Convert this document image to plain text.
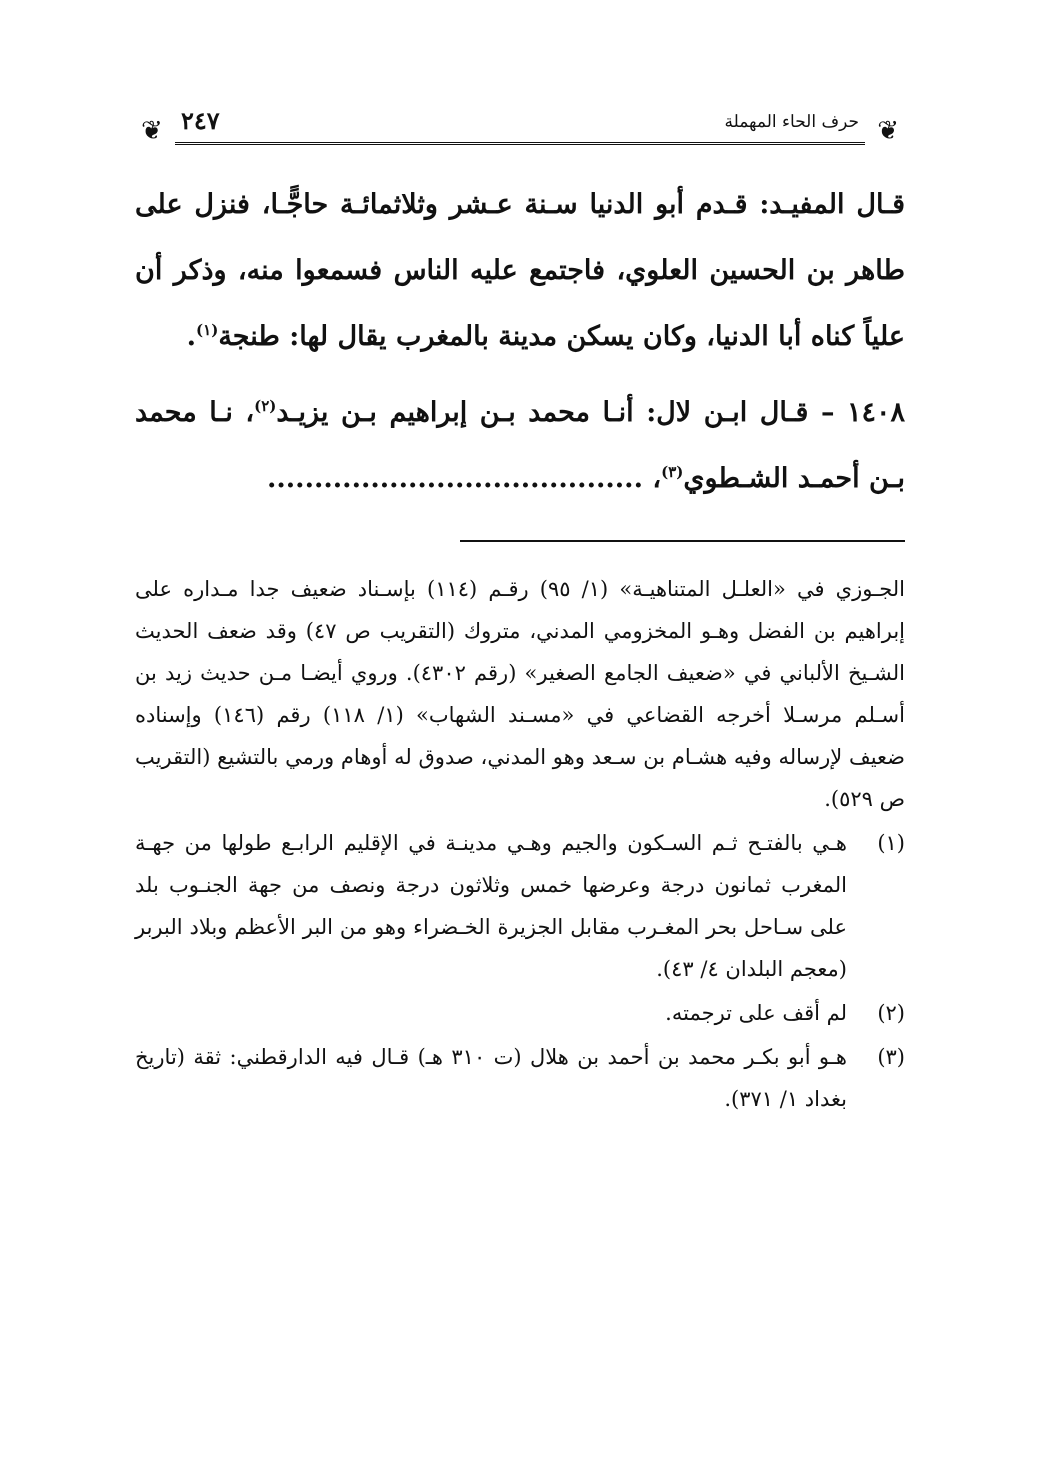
❦ ٢٤٧	حرف الحاء المهملة ❦

قـال المفيـد: قـدم أبو الدنيا سـنة عـشر وثلاثمائـة حاجًّـا، فنزل على طاهر بن الحسين العلوي، فاجتمع عليه الناس فسمعوا منه، وذكر أن علياً كناه أبا الدنيا، وكان يسكن مدينة بالمغرب يقال لها: طنجة$^{(١)}$.

١٤٠٨ – قـال ابـن لال: أنـا محمد بـن إبراهيم بـن يزيـد$^{(٢)}$، نـا محمد بـن أحمـد الشـطوي$^{(٣)}$، ........................................

الجـوزي في «العلـل المتناهيـة» (١/ ٩٥) رقـم (١١٤) بإسـناد ضعيف جدا مـداره على إبراهيم بن الفضل وهـو المخزومي المدني، متروك (التقريب ص ٤٧) وقد ضعف الحديث الشـيخ الألباني في «ضعيف الجامع الصغير» (رقم ٤٣٠٢). وروي أيضـا مـن حديث زيد بن أسـلم مرسـلا أخرجه القضاعي في «مسـند الشهاب» (١/ ١١٨) رقم (١٤٦) وإسناده ضعيف لإرساله وفيه هشـام بن سـعد وهو المدني، صدوق له أوهام ورمي بالتشيع (التقريب ص ٥٢٩).

(١)
هـي بالفتـح ثـم السـكون والجيم وهـي مدينـة في الإقليم الرابـع طولها من جهـة المغرب ثمانون درجة وعرضها خمس وثلاثون درجة ونصف من جهة الجنـوب بلد على سـاحل بحر المغـرب مقابل الجزيرة الخـضراء وهو من البر الأعظم وبلاد البربر (معجم البلدان ٤/ ٤٣).
(٢)
لم أقف على ترجمته.
(٣)
هـو أبو بكـر محمد بن أحمد بن هلال (ت ٣١٠ هـ) قـال فيه الدارقطني: ثقة (تاريخ بغداد ١/ ٣٧١).
